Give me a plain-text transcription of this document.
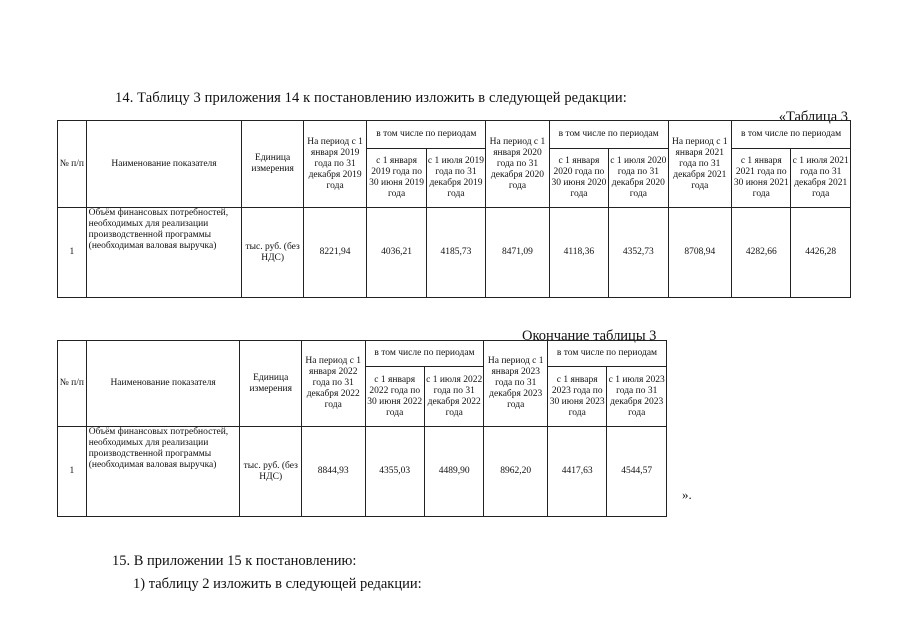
14. Таблицу 3 приложения 14 к постановлению изложить в следующей редакции:
«Таблица 3
№ п/п	Наименование показателя	Единица измерения	На период с 1 января 2019 года по 31 декабря 2019 года	в том числе по периодам		На период с 1 января 2020 года по 31 декабря 2020 года	в том числе по периодам		На период с 1 января 2021 года по 31 декабря 2021 года	в том числе по периодам	
				с 1 января 2019 года по 30 июня 2019 года	с 1 июля 2019 года по 31 декабря 2019 года		с 1 января 2020 года по 30 июня 2020 года	с 1 июля 2020 года по 31 декабря 2020 года		с 1 января 2021 года по 30 июня 2021 года	с 1 июля 2021 года по 31 декабря 2021 года
1	Объём финансовых потребностей, необходимых для реализации производственной программы (необходимая валовая выручка)	тыс. руб. (без НДС)	8221,94	4036,21	4185,73	8471,09	4118,36	4352,73	8708,94	4282,66	4426,28
Окончание таблицы 3
№ п/п	Наименование показателя	Единица измерения	На период с 1 января 2022 года по 31 декабря 2022 года	в том числе по периодам		На период с 1 января 2023 года по 31 декабря 2023 года	в том числе по периодам	
				с 1 января 2022 года по 30 июня 2022 года	с 1 июля 2022 года по 31 декабря 2022 года		с 1 января 2023 года по 30 июня 2023 года	с 1 июля 2023 года по 31 декабря 2023 года
1	Объём финансовых потребностей, необходимых для реализации производственной программы (необходимая валовая выручка)	тыс. руб. (без НДС)	8844,93	4355,03	4489,90	8962,20	4417,63	4544,57
».
15. В приложении 15 к постановлению:
1) таблицу 2 изложить в следующей редакции:
